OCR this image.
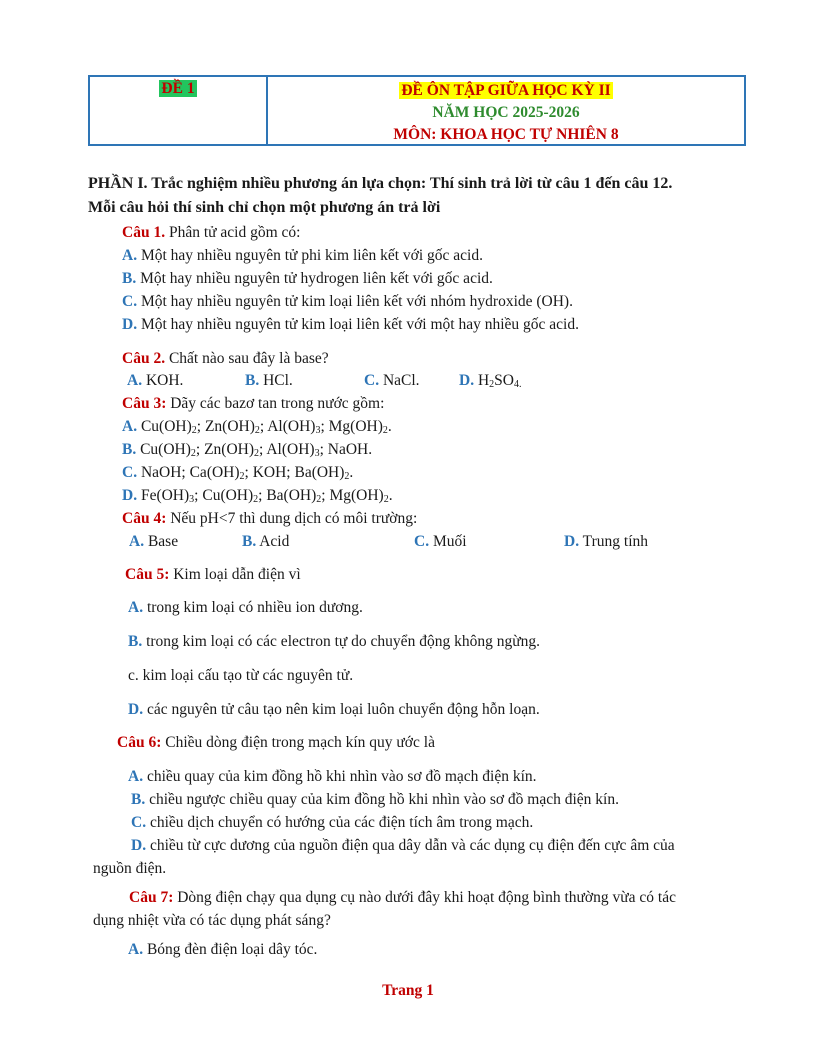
ĐỀ 1	ĐỀ ÔN TẬP GIỮA HỌC KỲ II
NĂM HỌC 2025-2026
MÔN: KHOA HỌC TỰ NHIÊN 8
PHẦN I. Trắc nghiệm nhiều phương án lựa chọn: Thí sinh trả lời từ câu 1 đến câu 12.
Mỗi câu hỏi thí sinh chỉ chọn một phương án trả lời
Câu 1. Phân tử acid gồm có:
A. Một hay nhiều nguyên tử phi kim liên kết với gốc acid.
B. Một hay nhiều nguyên tử hydrogen liên kết với gốc acid.
C. Một hay nhiều nguyên tử kim loại liên kết với nhóm hydroxide (OH).
D. Một hay nhiều nguyên tử kim loại liên kết với một hay nhiều gốc acid.
Câu 2. Chất nào sau đây là base?
A. KOH.	B. HCl.	C. NaCl.	D. $H_2SO_{4.}$
Câu 3: Dãy các bazơ tan trong nước gồm:
A. $Cu(OH)_2$; $Zn(OH)_2$; $Al(OH)_3$; $Mg(OH)_2$.
B. $Cu(OH)_2$; $Zn(OH)_2$; $Al(OH)_3$; NaOH.
C. NaOH; $Ca(OH)_2$; KOH; $Ba(OH)_2$.
D. $Fe(OH)_3$; $Cu(OH)_2$; $Ba(OH)_2$; $Mg(OH)_2$.
Câu 4: Nếu pH<7 thì dung dịch có môi trường:
A. Base	B. Acid	C. Muối	D. Trung tính
Câu 5: Kim loại dẫn điện vì
A. trong kim loại có nhiều ion dương.
B. trong kim loại có các electron tự do chuyển động không ngừng.
c. kim loại cấu tạo từ các nguyên tử.
D. các nguyên tử câu tạo nên kim loại luôn chuyển động hỗn loạn.
Câu 6: Chiều dòng điện trong mạch kín quy ước là
A. chiều quay của kim đồng hồ khi nhìn vào sơ đồ mạch điện kín.
B. chiều ngược chiều quay của kim đồng hồ khi nhìn vào sơ đồ mạch điện kín.
C. chiều dịch chuyển có hướng của các điện tích âm trong mạch.
D. chiều từ cực dương của nguồn điện qua dây dẫn và các dụng cụ điện đến cực âm của
nguồn điện.
Câu 7: Dòng điện chạy qua dụng cụ nào dưới đây khi hoạt động bình thường vừa có tác
dụng nhiệt vừa có tác dụng phát sáng?
A. Bóng đèn điện loại dây tóc.
Trang 1
